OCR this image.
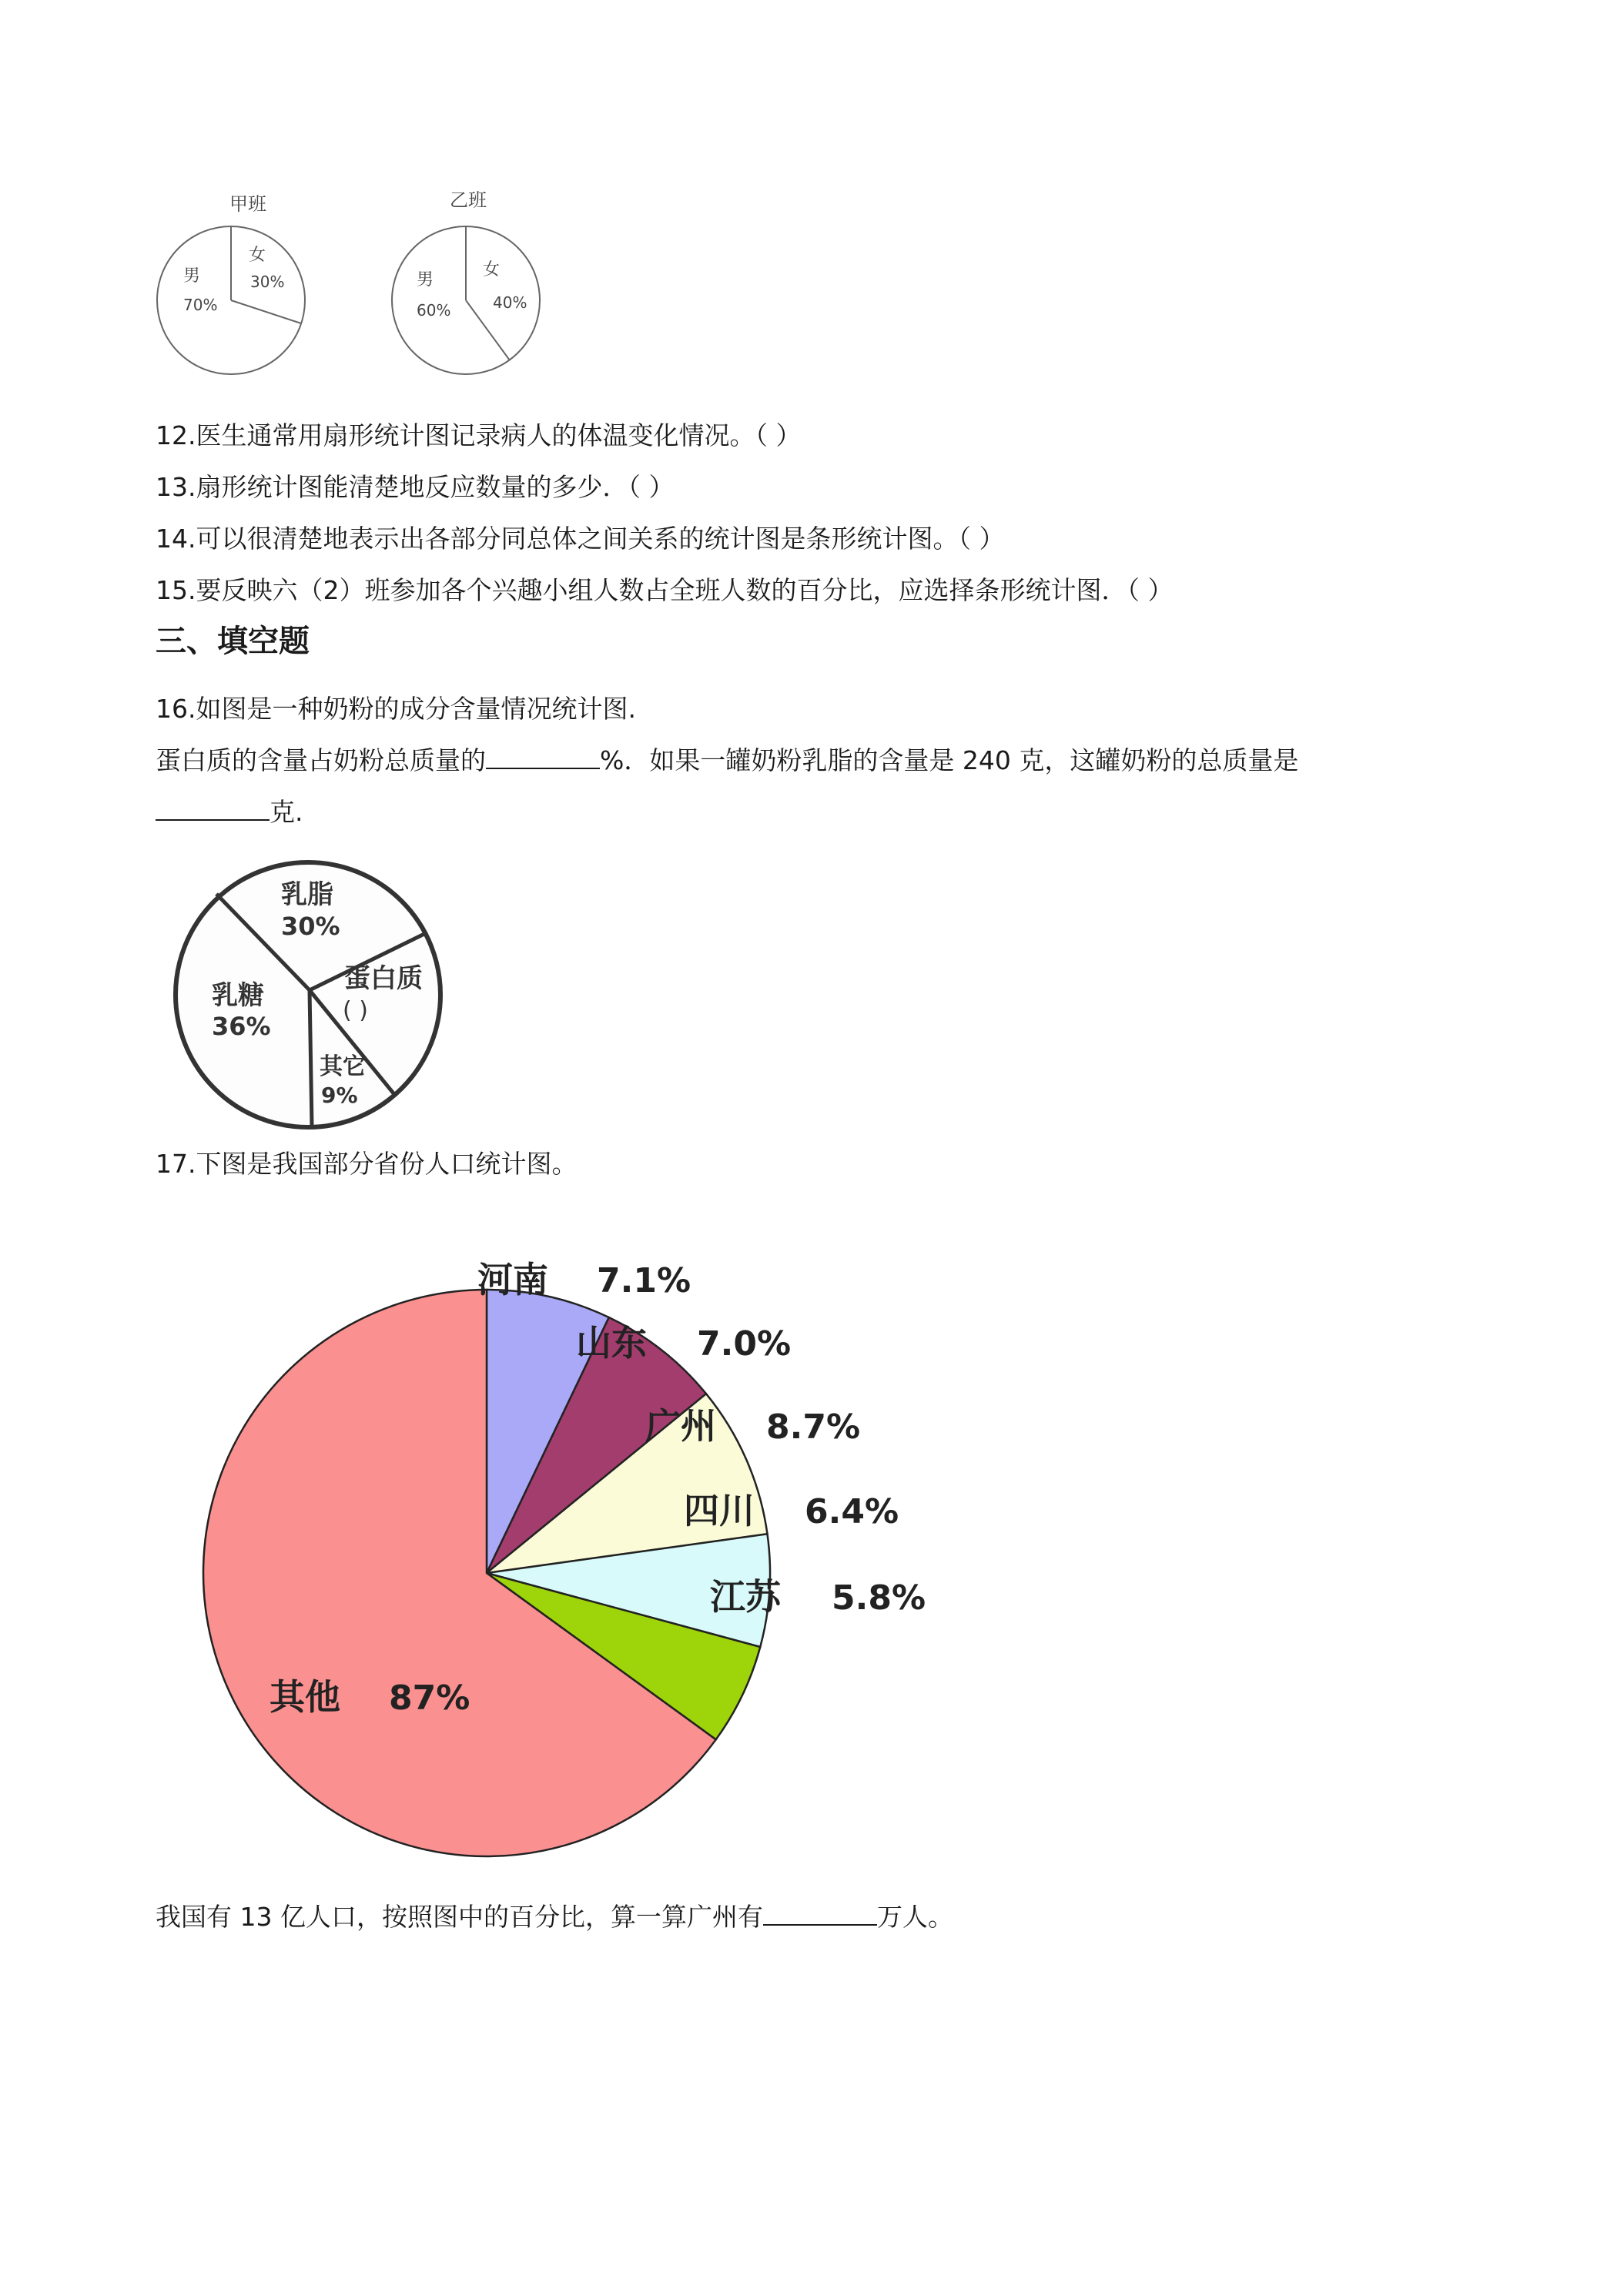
甲班
女
30%
男
70%
乙班
女
40%
男
60%
12.医生通常用扇形统计图记录病人的体温变化情况。（ ）
13.扇形统计图能清楚地反应数量的多少．（ ）
14.可以很清楚地表示出各部分同总体之间关系的统计图是条形统计图。（ ）
15.要反映六（2）班参加各个兴趣小组人数占全班人数的百分比，应选择条形统计图．（ ）
三、填空题
16.如图是一种奶粉的成分含量情况统计图.
蛋白质的含量占奶粉总质量的	%．如果一罐奶粉乳脂的含量是 240 克，这罐奶粉的总质量是
克.
乳脂
30%
蛋白质
( )
乳糖
36%
其它
9%
17.下图是我国部分省份人口统计图。
河南 7.1%
山东 7.0%
广州 8.7%
四川 6.4%
江苏 5.8%
其他 87%
我国有 13 亿人口，按照图中的百分比，算一算广州有	万人。
